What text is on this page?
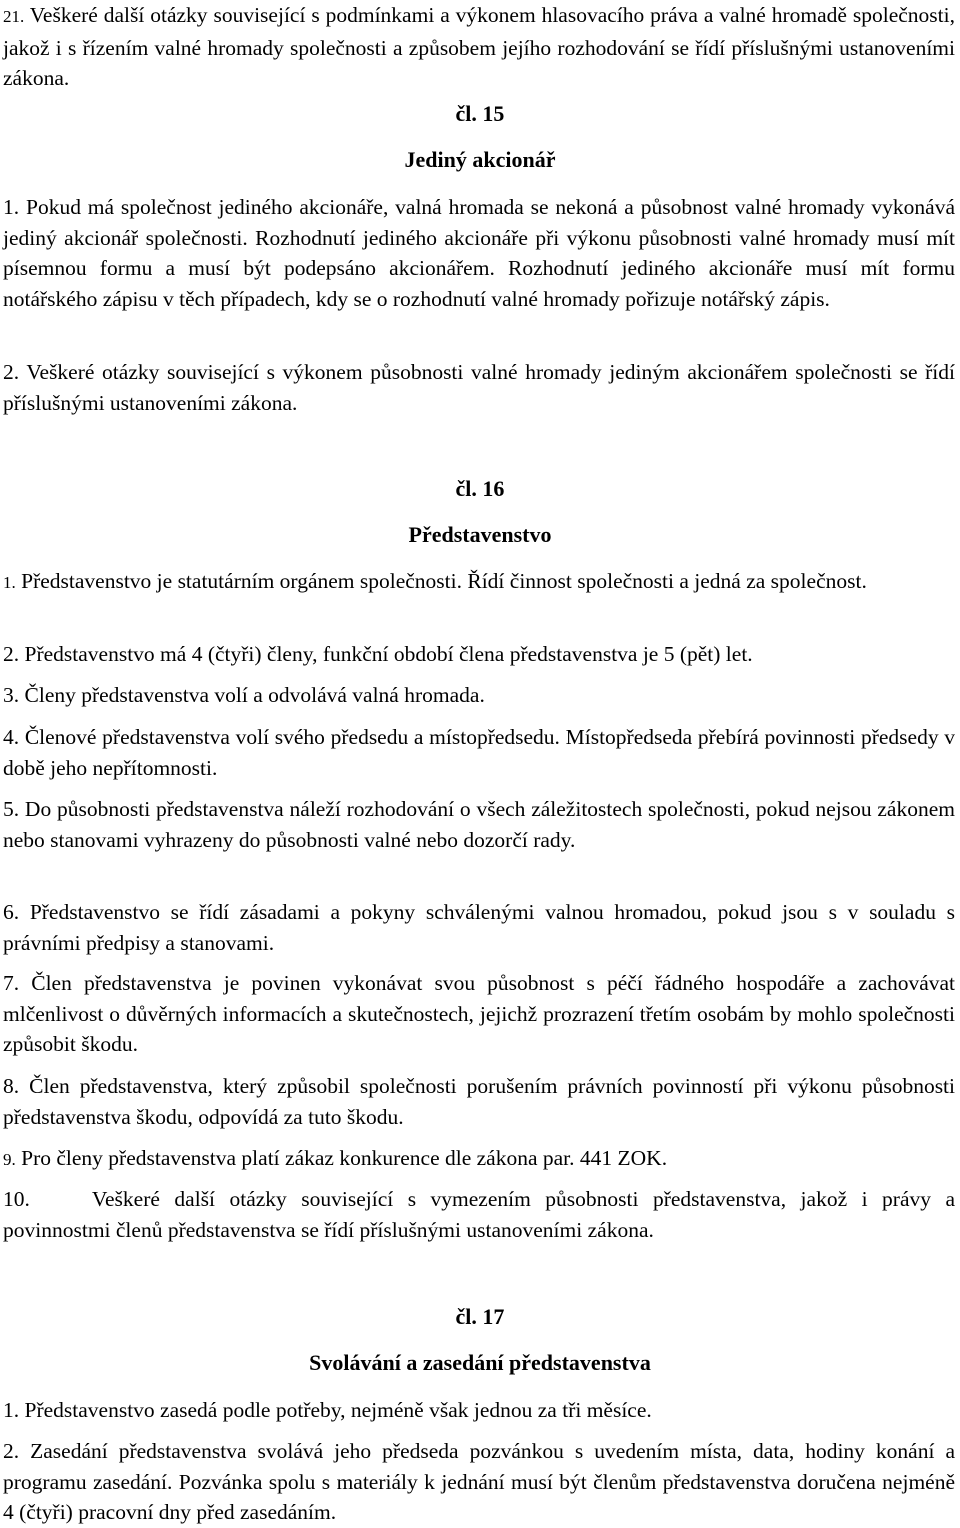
21. Veškeré další otázky související s podmínkami a výkonem hlasovacího práva a valné hromadě společnosti, jakož i s řízením valné hromady společnosti a způsobem jejího rozhodování se řídí příslušnými ustanoveními zákona.

čl. 15
Jediný akcionář

1. Pokud má společnost jediného akcionáře, valná hromada se nekoná a působnost valné hromady vykonává jediný akcionář společnosti. Rozhodnutí jediného akcionáře při výkonu působnosti valné hromady musí mít písemnou formu a musí být podepsáno akcionářem. Rozhodnutí jediného akcionáře musí mít formu notářského zápisu v těch případech, kdy se o rozhodnutí valné hromady pořizuje notářský zápis.

2. Veškeré otázky související s výkonem působnosti valné hromady jediným akcionářem společnosti se řídí příslušnými ustanoveními zákona.

čl. 16
Představenstvo

1. Představenstvo je statutárním orgánem společnosti. Řídí činnost společnosti a jedná za společnost.

2. Představenstvo má 4 (čtyři) členy, funkční období člena představenstva je 5 (pět) let.

3. Členy představenstva volí a odvolává valná hromada.

4. Členové představenstva volí svého předsedu a místopředsedu. Místopředseda přebírá povinnosti předsedy v době jeho nepřítomnosti.

5. Do působnosti představenstva náleží rozhodování o všech záležitostech společnosti, pokud nejsou zákonem nebo stanovami vyhrazeny do působnosti valné nebo dozorčí rady.

6. Představenstvo se řídí zásadami a pokyny schválenými valnou hromadou, pokud jsou s v souladu s právními předpisy a stanovami.

7. Člen představenstva je povinen vykonávat svou působnost s péčí řádného hospodáře a zachovávat mlčenlivost o důvěrných informacích a skutečnostech, jejichž prozrazení třetím osobám by mohlo společnosti způsobit škodu.

8. Člen představenstva, který způsobil společnosti porušením právních povinností při výkonu působnosti představenstva škodu, odpovídá za tuto škodu.

9. Pro členy představenstva platí zákaz konkurence dle zákona par. 441 ZOK.

10.	Veškeré další otázky související s vymezením působnosti představenstva, jakož i právy a povinnostmi členů představenstva se řídí příslušnými ustanoveními zákona.

čl. 17
Svolávání a zasedání představenstva

1. Představenstvo zasedá podle potřeby, nejméně však jednou za tři měsíce.

2. Zasedání představenstva svolává jeho předseda pozvánkou s uvedením místa, data, hodiny konání a programu zasedání. Pozvánka spolu s materiály k jednání musí být členům představenstva doručena nejméně 4 (čtyři) pracovní dny před zasedáním.
